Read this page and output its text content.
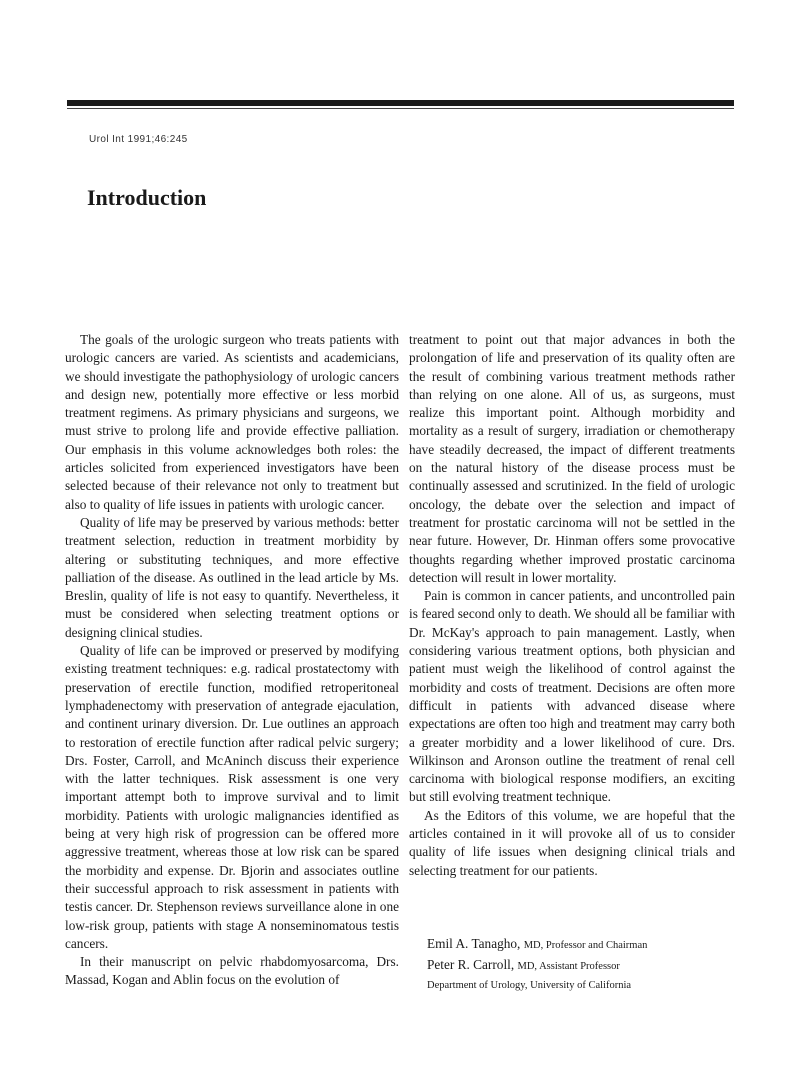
Urol Int 1991;46:245
Introduction

The goals of the urologic surgeon who treats patients with urologic cancers are varied. As scientists and academicians, we should investigate the pathophysiology of urologic cancers and design new, potentially more effective or less morbid treatment regimens. As primary physicians and surgeons, we must strive to prolong life and provide effective palliation. Our emphasis in this volume acknowledges both roles: the articles solicited from experienced investigators have been selected because of their relevance not only to treatment but also to quality of life issues in patients with urologic cancer.

Quality of life may be preserved by various methods: better treatment selection, reduction in treatment morbidity by altering or substituting techniques, and more effective palliation of the disease. As outlined in the lead article by Ms. Breslin, quality of life is not easy to quantify. Nevertheless, it must be considered when selecting treatment options or designing clinical studies.

Quality of life can be improved or preserved by modifying existing treatment techniques: e.g. radical prostatectomy with preservation of erectile function, modified retroperitoneal lymphadenectomy with preservation of antegrade ejaculation, and continent urinary diversion. Dr. Lue outlines an approach to restoration of erectile function after radical pelvic surgery; Drs. Foster, Carroll, and McAninch discuss their experience with the latter techniques. Risk assessment is one very important attempt both to improve survival and to limit morbidity. Patients with urologic malignancies identified as being at very high risk of progression can be offered more aggressive treatment, whereas those at low risk can be spared the morbidity and expense. Dr. Bjorin and associates outline their successful approach to risk assessment in patients with testis cancer. Dr. Stephenson reviews surveillance alone in one low-risk group, patients with stage A nonseminomatous testis cancers.

In their manuscript on pelvic rhabdomyosarcoma, Drs. Massad, Kogan and Ablin focus on the evolution of

treatment to point out that major advances in both the prolongation of life and preservation of its quality often are the result of combining various treatment methods rather than relying on one alone. All of us, as surgeons, must realize this important point. Although morbidity and mortality as a result of surgery, irradiation or chemotherapy have steadily decreased, the impact of different treatments on the natural history of the disease process must be continually assessed and scrutinized. In the field of urologic oncology, the debate over the selection and impact of treatment for prostatic carcinoma will not be settled in the near future. However, Dr. Hinman offers some provocative thoughts regarding whether improved prostatic carcinoma detection will result in lower mortality.

Pain is common in cancer patients, and uncontrolled pain is feared second only to death. We should all be familiar with Dr. McKay's approach to pain management. Lastly, when considering various treatment options, both physician and patient must weigh the likelihood of control against the morbidity and costs of treatment. Decisions are often more difficult in patients with advanced disease where expectations are often too high and treatment may carry both a greater morbidity and a lower likelihood of cure. Drs. Wilkinson and Aronson outline the treatment of renal cell carcinoma with biological response modifiers, an exciting but still evolving treatment technique.

As the Editors of this volume, we are hopeful that the articles contained in it will provoke all of us to consider quality of life issues when designing clinical trials and selecting treatment for our patients.

Emil A. Tanagho, MD, Professor and Chairman
Peter R. Carroll, MD, Assistant Professor
Department of Urology, University of California
